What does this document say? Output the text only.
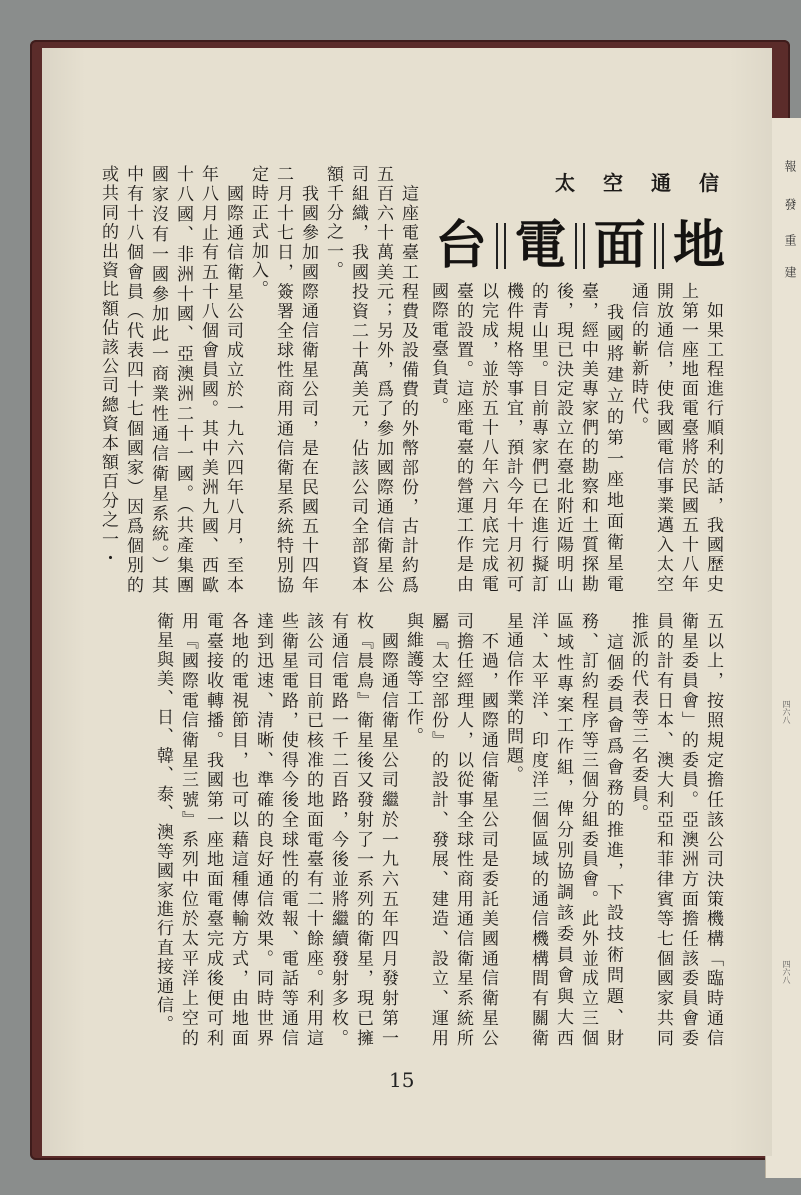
報
發
重
建
四六八
四六八
太空通信
台 電 面 地

　如果工程進行順利的話，我國歷史上第一座地面電臺將於民國五十八年開放通信，使我國電信事業邁入太空通信的嶄新時代。
　我國將建立的第一座地面衛星電臺，經中美專家們的勘察和土質探勘後，現已決定設立在臺北附近陽明山的青山里。目前專家們已在進行擬訂機件規格等事宜，預計今年十月初可以完成，並於五十八年六月底完成電臺的設置。這座電臺的營運工作是由國際電臺負責。

　這座電臺工程費及設備費的外幣部份，古計約爲五百六十萬美元；另外，爲了參加國際通信衛星公司組織，我國投資二十萬美元，佔該公司全部資本額千分之一。
　我國參加國際通信衛星公司，是在民國五十四年二月十七日，簽署全球性商用通信衛星系統特別協定時正式加入。
　國際通信衛星公司成立於一九六四年八月，至本年八月止有五十八個會員國。其中美洲九國、西歐十八國、非洲十國、亞澳洲二十一國。（共產集團國家沒有一國參加此一商業性通信衛星系統。）其中有十八個會員（代表四十七個國家）因爲個別的或共同的出資比額佔該公司總資本額百分之一・

五以上，按照規定擔任該公司決策機構「臨時通信衛星委員會」的委員。亞澳洲方面擔任該委員會委員的計有日本、澳大利亞和菲律賓等七個國家共同推派的代表等三名委員。
　這個委員會爲會務的推進，下設技術問題、財務、訂約程序等三個分組委員會。此外並成立三個區域性專案工作組，俾分別協調該委員會與大西洋、太平洋、印度洋三個區域的通信機構間有關衛星通信作業的問題。
　不過，國際通信衛星公司是委託美國通信衛星公司擔任經理人，以從事全球性商用通信衛星系統所屬『太空部份』的設計、發展、建造、設立、運用與維護等工作。
　國際通信衛星公司繼於一九六五年四月發射第一枚『晨鳥』衛星後又發射了一系列的衛星，現已擁有通信電路一千二百路，今後並將繼續發射多枚。該公司目前已核准的地面電臺有二十餘座。利用這些衛星電路，使得今後全球性的電報、電話等通信達到迅速、清晰、準確的良好通信效果。同時世界各地的電視節目，也可以藉這種傳輸方式，由地面電臺接收轉播。我國第一座地面電臺完成後便可利用『國際電信衛星三號』系列中位於太平洋上空的衛星與美、日、韓、泰、澳等國家進行直接通信。

15
